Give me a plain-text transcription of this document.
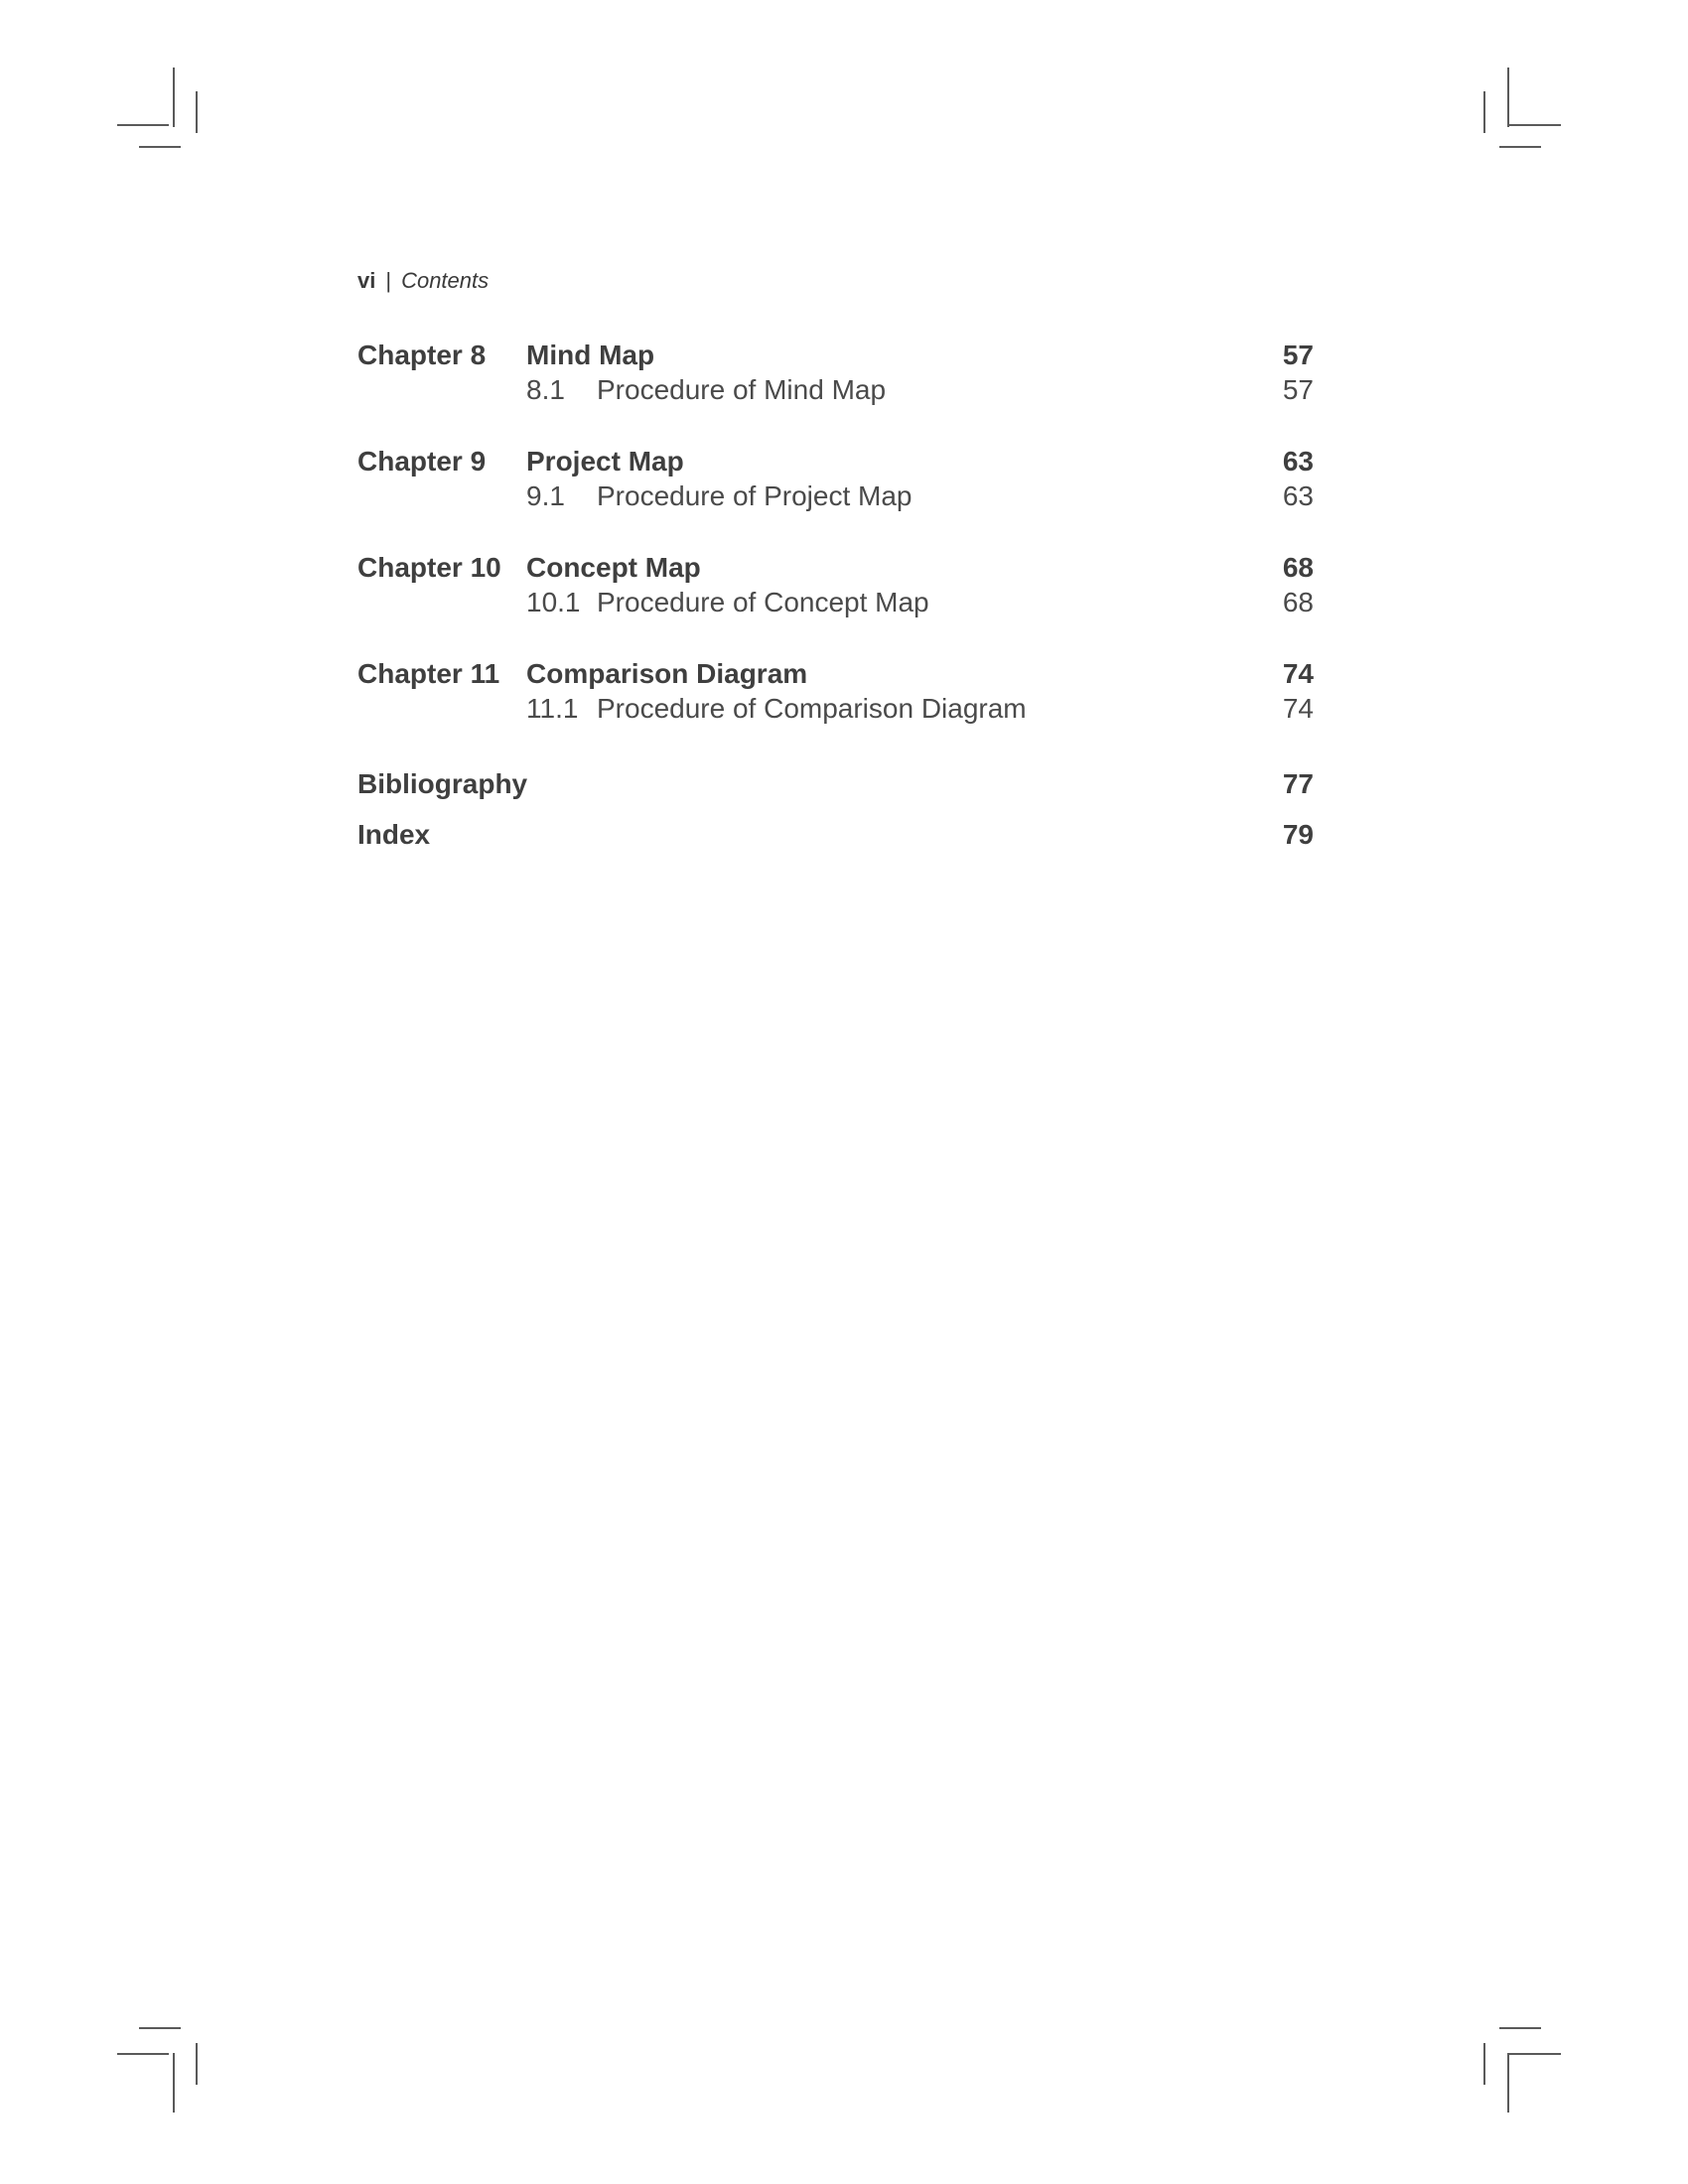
vi | Contents
Chapter 8 Mind Map	57
8.1 Procedure of Mind Map	57
Chapter 9 Project Map	63
9.1 Procedure of Project Map	63
Chapter 10 Concept Map	68
10.1 Procedure of Concept Map	68
Chapter 11 Comparison Diagram	74
11.1 Procedure of Comparison Diagram	74
Bibliography	77
Index	79
